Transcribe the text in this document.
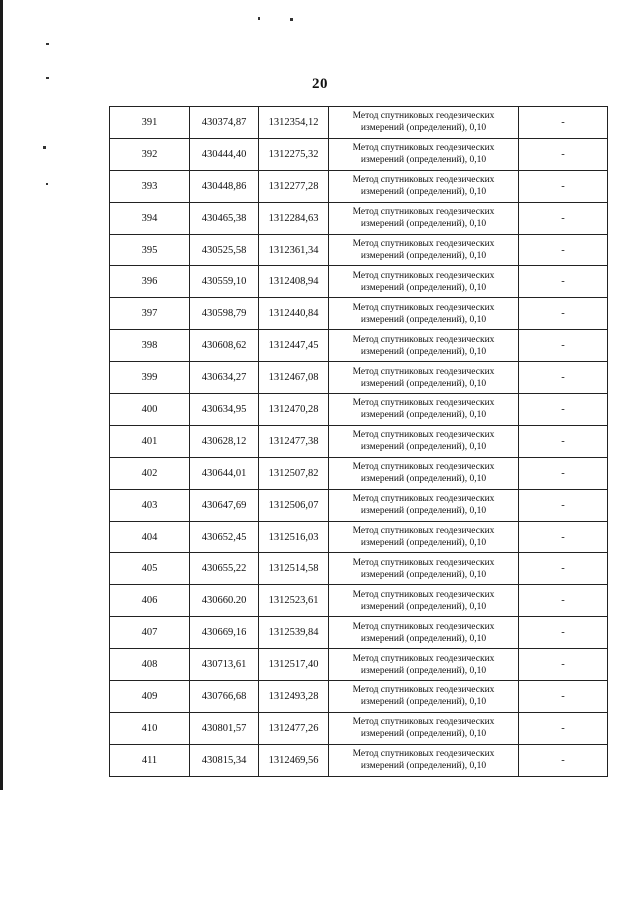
20
391	430374,87	1312354,12	Метод спутниковых геодезических
измерений (определений), 0,10	-
392	430444,40	1312275,32	Метод спутниковых геодезических
измерений (определений), 0,10	-
393	430448,86	1312277,28	Метод спутниковых геодезических
измерений (определений), 0,10	-
394	430465,38	1312284,63	Метод спутниковых геодезических
измерений (определений), 0,10	-
395	430525,58	1312361,34	Метод спутниковых геодезических
измерений (определений), 0,10	-
396	430559,10	1312408,94	Метод спутниковых геодезических
измерений (определений), 0,10	-
397	430598,79	1312440,84	Метод спутниковых геодезических
измерений (определений), 0,10	-
398	430608,62	1312447,45	Метод спутниковых геодезических
измерений (определений), 0,10	-
399	430634,27	1312467,08	Метод спутниковых геодезических
измерений (определений), 0,10	-
400	430634,95	1312470,28	Метод спутниковых геодезических
измерений (определений), 0,10	-
401	430628,12	1312477,38	Метод спутниковых геодезических
измерений (определений), 0,10	-
402	430644,01	1312507,82	Метод спутниковых геодезических
измерений (определений), 0,10	-
403	430647,69	1312506,07	Метод спутниковых геодезических
измерений (определений), 0,10	-
404	430652,45	1312516,03	Метод спутниковых геодезических
измерений (определений), 0,10	-
405	430655,22	1312514,58	Метод спутниковых геодезических
измерений (определений), 0,10	-
406	430660.20	1312523,61	Метод спутниковых геодезических
измерений (определений), 0,10	-
407	430669,16	1312539,84	Метод спутниковых геодезических
измерений (определений), 0,10	-
408	430713,61	1312517,40	Метод спутниковых геодезических
измерений (определений), 0,10	-
409	430766,68	1312493,28	Метод спутниковых геодезических
измерений (определений), 0,10	-
410	430801,57	1312477,26	Метод спутниковых геодезических
измерений (определений), 0,10	-
411	430815,34	1312469,56	Метод спутниковых геодезических
измерений (определений), 0,10	-
